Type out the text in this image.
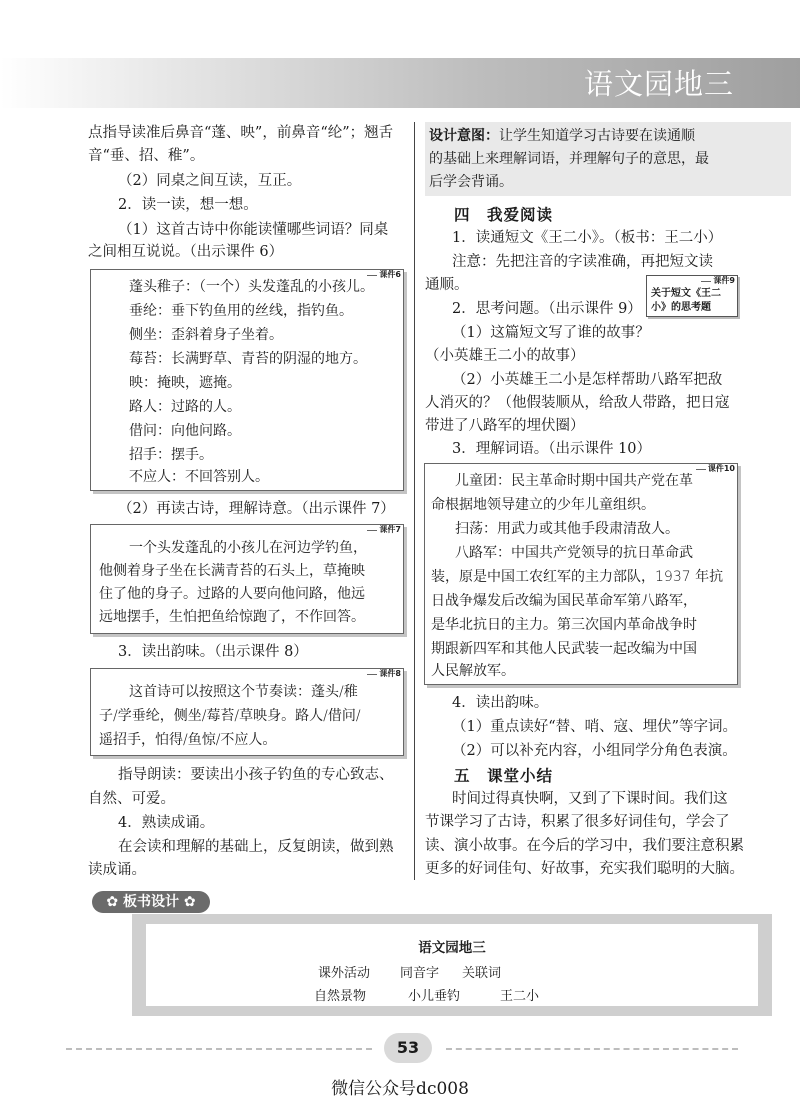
语文园地三
点指导读准后鼻音“蓬、映”，前鼻音“纶”；翘舌
音“垂、招、稚”。
（2）同桌之间互读，互正。
2．读一读，想一想。
（1）这首古诗中你能读懂哪些词语？同桌
之间相互说说。（出示课件 6）
课件6
蓬头稚子：（一个）头发蓬乱的小孩儿。
垂纶：垂下钓鱼用的丝线，指钓鱼。
侧坐：歪斜着身子坐着。
莓苔：长满野草、青苔的阴湿的地方。
映：掩映，遮掩。
路人：过路的人。
借问：向他问路。
招手：摆手。
不应人：不回答别人。
（2）再读古诗，理解诗意。（出示课件 7）
课件7
一个头发蓬乱的小孩儿在河边学钓鱼，
他侧着身子坐在长满青苔的石头上，草掩映
住了他的身子。过路的人要向他问路，他远
远地摆手，生怕把鱼给惊跑了，不作回答。
3．读出韵味。（出示课件 8）
课件8
这首诗可以按照这个节奏读：蓬头/稚
子/学垂纶，侧坐/莓苔/草映身。路人/借问/
遥招手，怕得/鱼惊/不应人。
指导朗读：要读出小孩子钓鱼的专心致志、
自然、可爱。
4．熟读成诵。
在会读和理解的基础上，反复朗读，做到熟
读成诵。
设计意图：让学生知道学习古诗要在读通顺
的基础上来理解词语，并理解句子的意思，最
后学会背诵。
四　我爱阅读
1．读通短文《王二小》。（板书：王二小）
注意：先把注音的字读准确，再把短文读
通顺。	课件9
关于短文《王二
小》的思考题
2．思考问题。（出示课件 9）
（1）这篇短文写了谁的故事？
（小英雄王二小的故事）
（2）小英雄王二小是怎样帮助八路军把敌
人消灭的？（他假装顺从，给敌人带路，把日寇
带进了八路军的埋伏圈）
3．理解词语。（出示课件 10）
课件10
儿童团：民主革命时期中国共产党在革
命根据地领导建立的少年儿童组织。
扫荡：用武力或其他手段肃清敌人。
八路军：中国共产党领导的抗日革命武
装，原是中国工农红军的主力部队，1937 年抗
日战争爆发后改编为国民革命军第八路军，
是华北抗日的主力。第三次国内革命战争时
期跟新四军和其他人民武装一起改编为中国
人民解放军。
4．读出韵味。
（1）重点读好“替、哨、寇、埋伏”等字词。
（2）可以补充内容，小组同学分角色表演。
五　课堂小结
时间过得真快啊，又到了下课时间。我们这
节课学习了古诗，积累了很多好词佳句，学会了
读、演小故事。在今后的学习中，我们要注意积累
更多的好词佳句、好故事，充实我们聪明的大脑。
✿ 板书设计 ✿
语文园地三
课外活动 同音字 关联词
自然景物	小儿垂钓	王二小
53
微信公众号dc008
